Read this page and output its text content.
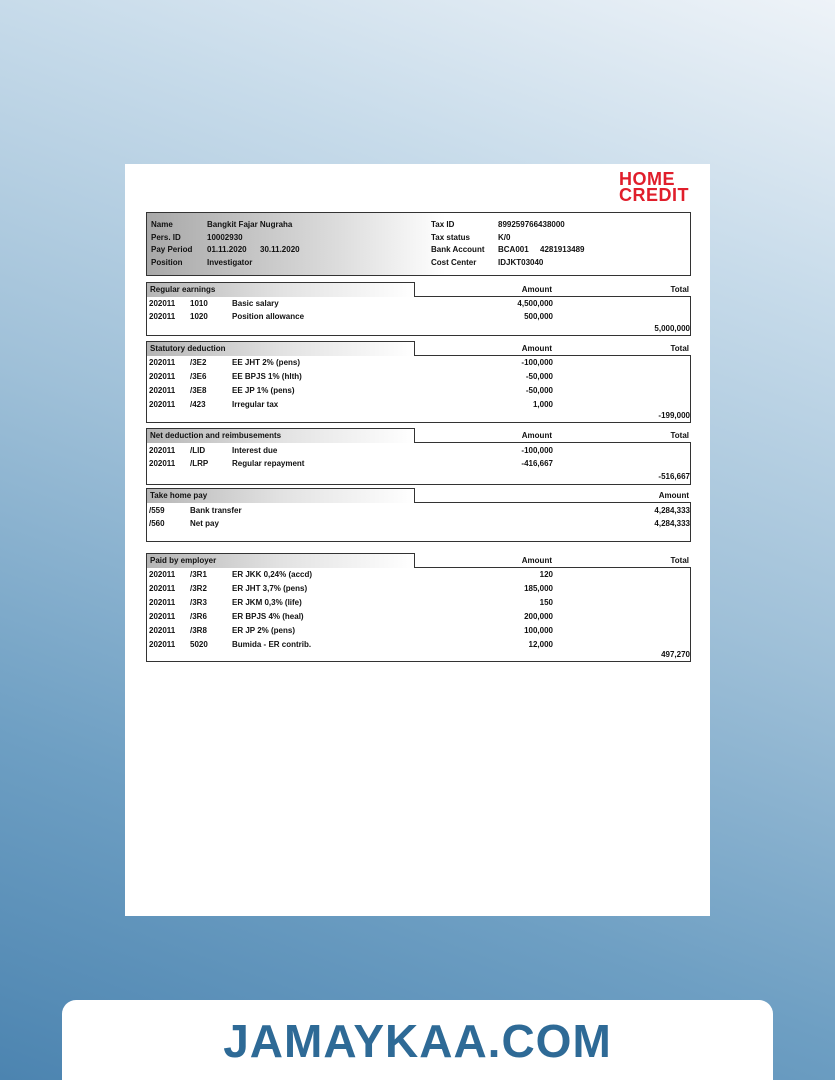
HOME
CREDIT
Name	Bangkit Fajar Nugraha
Pers. ID	10002930
Pay Period 01.11.2020 30.11.2020
Position	Investigator
Tax ID	899259766438000
Tax status	K/0
Bank Account BCA001 4281913489
Cost Center	IDJKT03040
Regular earnings	Amount	Total
202011 1010	Basic salary	4,500,000
202011 1020	Position allowance	500,000
5,000,000
Statutory deduction	Amount	Total
202011 /3E2	EE JHT 2% (pens)	-100,000
202011 /3E6	EE BPJS 1% (hlth)	-50,000
202011 /3E8	EE JP 1% (pens)	-50,000
202011 /423	Irregular tax	1,000
-199,000
Net deduction and reimbusements	Amount	Total
202011 /LID	Interest due	-100,000
202011 /LRP	Regular repayment	-416,667
-516,667
Take home pay	Amount
/559	Bank transfer	4,284,333
/560	Net pay	4,284,333
Paid by employer	Amount	Total
202011 /3R1	ER JKK 0,24% (accd)	120
202011 /3R2	ER JHT 3,7% (pens)	185,000
202011 /3R3	ER JKM 0,3% (life)	150
202011 /3R6	ER BPJS 4% (heal)	200,000
202011 /3R8	ER JP 2% (pens)	100,000
202011 5020	Bumida - ER contrib.	12,000
497,270
JAMAYKAA.COM
